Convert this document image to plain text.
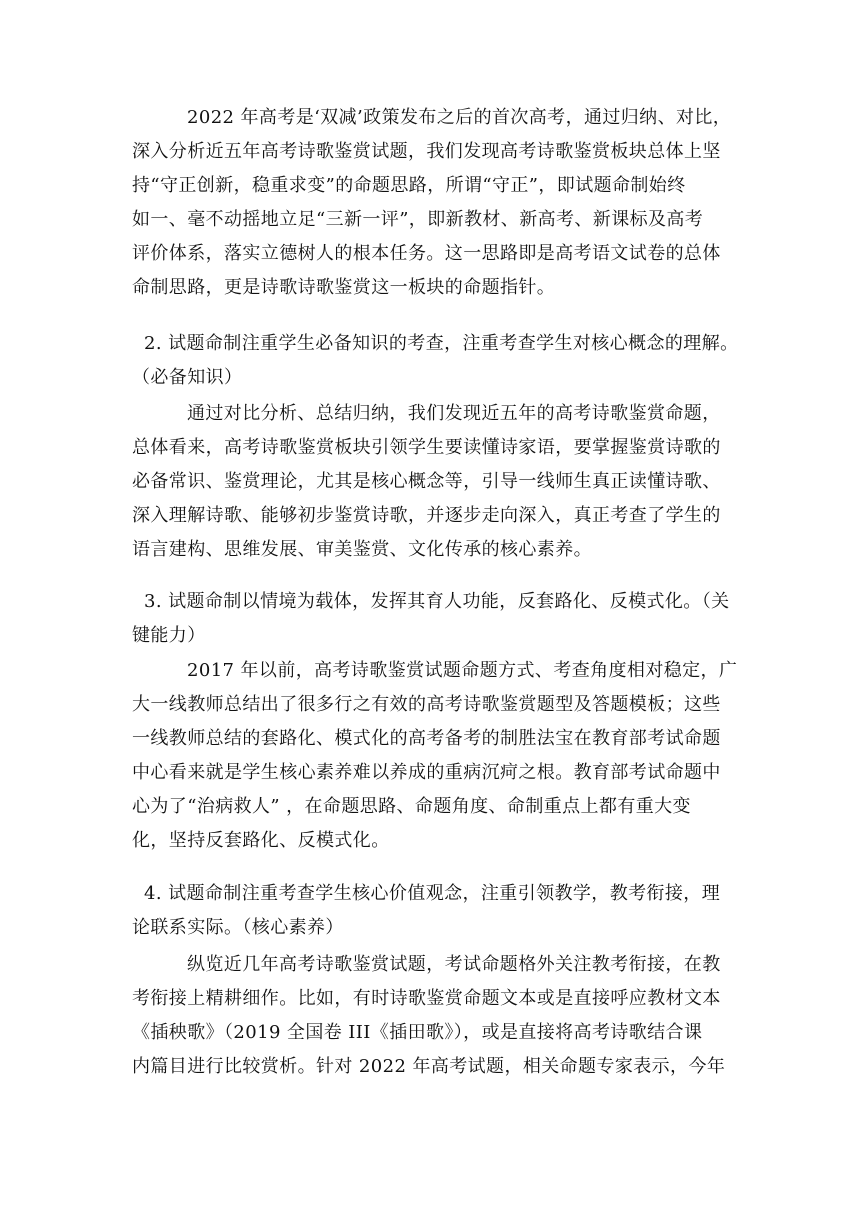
2022 年高考是‘双减’政策发布之后的首次高考，通过归纳、对比，
深入分析近五年高考诗歌鉴赏试题，我们发现高考诗歌鉴赏板块总体上坚
持“守正创新，稳重求变”的命题思路，所谓“守正”，即试题命制始终
如一、毫不动摇地立足“三新一评”，即新教材、新高考、新课标及高考
评价体系，落实立德树人的根本任务。这一思路即是高考语文试卷的总体
命制思路，更是诗歌诗歌鉴赏这一板块的命题指针。
2. 试题命制注重学生必备知识的考查，注重考查学生对核心概念的理解。
（必备知识）
通过对比分析、总结归纳，我们发现近五年的高考诗歌鉴赏命题，
总体看来，高考诗歌鉴赏板块引领学生要读懂诗家语，要掌握鉴赏诗歌的
必备常识、鉴赏理论，尤其是核心概念等，引导一线师生真正读懂诗歌、
深入理解诗歌、能够初步鉴赏诗歌，并逐步走向深入，真正考查了学生的
语言建构、思维发展、审美鉴赏、文化传承的核心素养。
3. 试题命制以情境为载体，发挥其育人功能，反套路化、反模式化。（关
键能力）
2017 年以前，高考诗歌鉴赏试题命题方式、考查角度相对稳定，广
大一线教师总结出了很多行之有效的高考诗歌鉴赏题型及答题模板；这些
一线教师总结的套路化、模式化的高考备考的制胜法宝在教育部考试命题
中心看来就是学生核心素养难以养成的重病沉疴之根。教育部考试命题中
心为了“治病救人” ，在命题思路、命题角度、命制重点上都有重大变
化，坚持反套路化、反模式化。
4. 试题命制注重考查学生核心价值观念，注重引领教学，教考衔接，理
论联系实际。（核心素养）
纵览近几年高考诗歌鉴赏试题，考试命题格外关注教考衔接，在教
考衔接上精耕细作。比如，有时诗歌鉴赏命题文本或是直接呼应教材文本
《插秧歌》（2019 全国卷 III《插田歌》），或是直接将高考诗歌结合课
内篇目进行比较赏析。针对 2022 年高考试题，相关命题专家表示，今年
